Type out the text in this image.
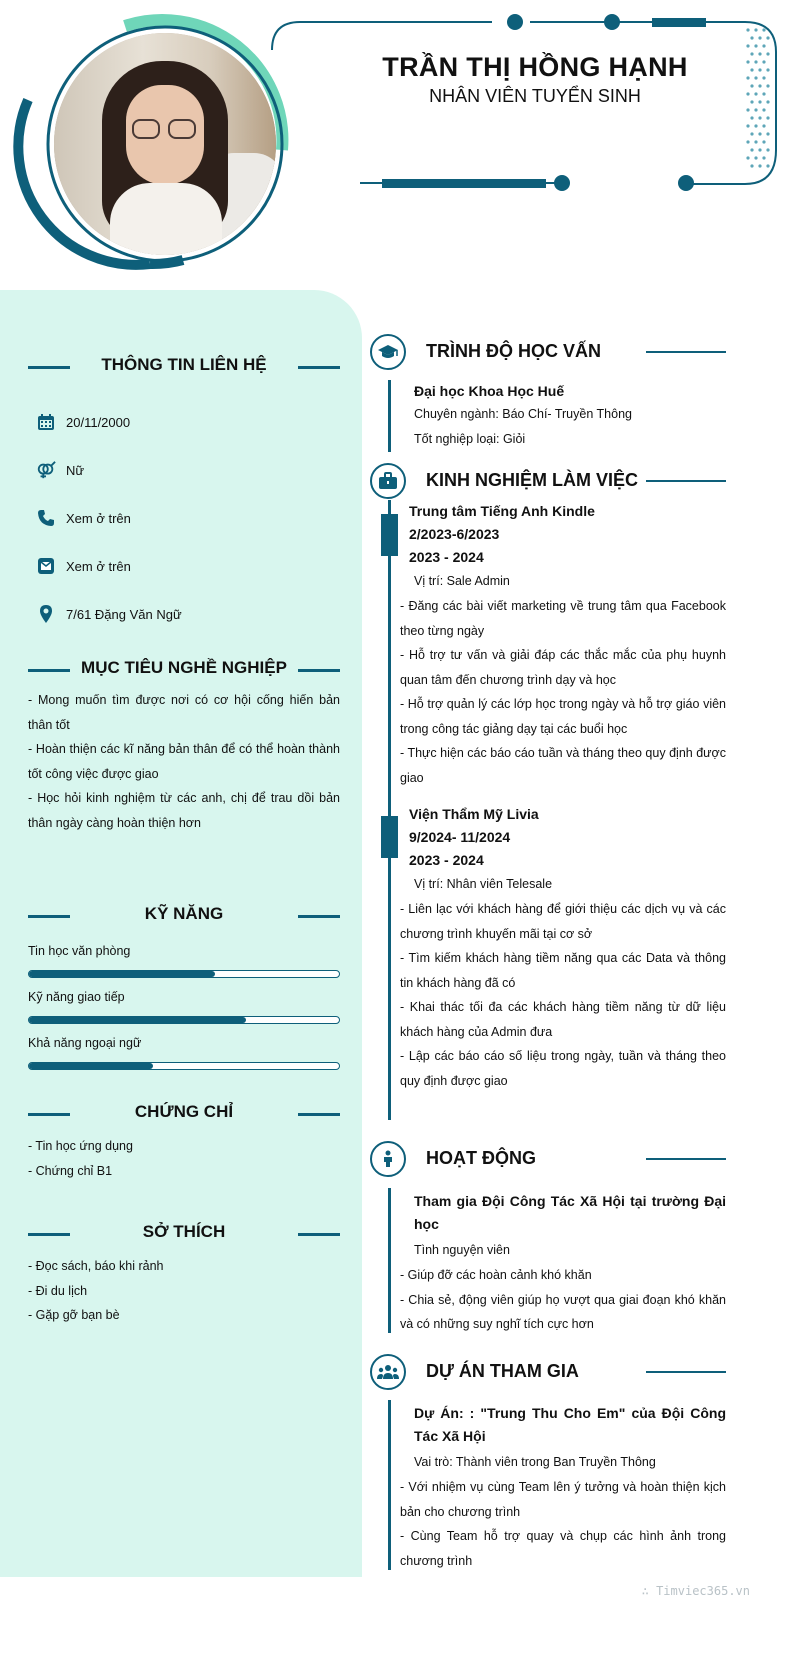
TRẦN THỊ HỒNG HẠNH
NHÂN VIÊN TUYỂN SINH
THÔNG TIN LIÊN HỆ
20/11/2000
Nữ
Xem ở trên
Xem ở trên
7/61 Đặng Văn Ngữ
MỤC TIÊU NGHỀ NGHIỆP
- Mong muốn tìm được nơi có cơ hội cống hiến bản thân tốt
- Hoàn thiện các kĩ năng bản thân để có thể hoàn thành tốt công việc được giao
- Học hỏi kinh nghiệm từ các anh, chị để trau dồi bản thân ngày càng hoàn thiện hơn
KỸ NĂNG
Tin học văn phòng
Kỹ năng giao tiếp
Khả năng ngoại ngữ
CHỨNG CHỈ
- Tin học ứng dụng
- Chứng chỉ B1
SỞ THÍCH
- Đọc sách, báo khi rảnh
- Đi du lịch
- Gặp gỡ bạn bè
TRÌNH ĐỘ HỌC VẤN
Đại học Khoa Học Huế
Chuyên ngành: Báo Chí- Truyền Thông
Tốt nghiệp loại: Giỏi
KINH NGHIỆM LÀM VIỆC
Trung tâm Tiếng Anh Kindle
2/2023-6/2023
2023 - 2024
Vị trí: Sale Admin
- Đăng các bài viết marketing về trung tâm qua Facebook theo từng ngày
- Hỗ trợ tư vấn và giải đáp các thắc mắc của phụ huynh quan tâm đến chương trình dạy và học
- Hỗ trợ quản lý các lớp học trong ngày và hỗ trợ giáo viên trong công tác giảng dạy tại các buổi học
- Thực hiện các báo cáo tuần và tháng theo quy định được giao
Viện Thẩm Mỹ Livia
9/2024- 11/2024
2023 - 2024
Vị trí: Nhân viên Telesale
- Liên lạc với khách hàng để giới thiệu các dịch vụ và các chương trình khuyến mãi tại cơ sở
- Tìm kiếm khách hàng tiềm năng qua các Data và thông tin khách hàng đã có
- Khai thác tối đa các khách hàng tiềm năng từ dữ liệu khách hàng của Admin đưa
- Lập các báo cáo số liệu trong ngày, tuần và tháng theo quy định được giao
HOẠT ĐỘNG
Tham gia Đội Công Tác Xã Hội tại trường Đại học
Tình nguyện viên
- Giúp đỡ các hoàn cảnh khó khăn
- Chia sẻ, động viên giúp họ vượt qua giai đoạn khó khăn và có những suy nghĩ tích cực hơn
DỰ ÁN THAM GIA
Dự Án: : "Trung Thu Cho Em" của Đội Công Tác Xã Hội
Vai trò: Thành viên trong Ban Truyền Thông
- Với nhiệm vụ cùng Team lên ý tưởng và hoàn thiện kịch bản cho chương trình
- Cùng Team hỗ trợ quay và chụp các hình ảnh trong chương trình
∴ Timviec365.vn
